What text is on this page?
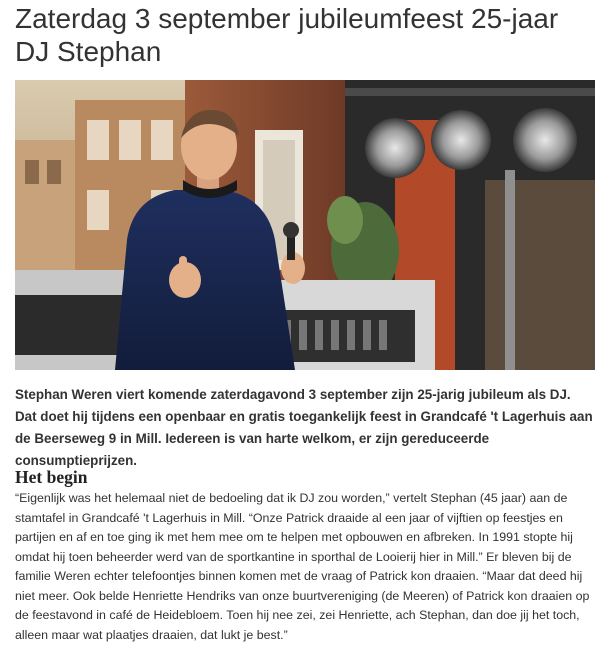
Zaterdag 3 september jubileumfeest 25-jaar DJ Stephan

Stephan Weren viert komende zaterdagavond 3 september zijn 25-jarig jubileum als DJ. Dat doet hij tijdens een openbaar en gratis toegankelijk feest in Grandcafé 't Lagerhuis aan de Beerseweg 9 in Mill. Iedereen is van harte welkom, er zijn gereduceerde consumptieprijzen.

Het begin

“Eigenlijk was het helemaal niet de bedoeling dat ik DJ zou worden,” vertelt Stephan (45 jaar) aan de stamtafel in Grandcafé 't Lagerhuis in Mill. “Onze Patrick draaide al een jaar of vijftien op feestjes en partijen en af en toe ging ik met hem mee om te helpen met opbouwen en afbreken. In 1991 stopte hij omdat hij toen beheerder werd van de sportkantine in sporthal de Looierij hier in Mill.” Er bleven bij de familie Weren echter telefoontjes binnen komen met de vraag of Patrick kon draaien. “Maar dat deed hij niet meer. Ook belde Henriette Hendriks van onze buurtvereniging (de Meeren) of Patrick kon draaien op de feestavond in café de Heidebloem. Toen hij nee zei, zei Henriette, ach Stephan, dan doe jij het toch, alleen maar wat plaatjes draaien, dat lukt je best.”
